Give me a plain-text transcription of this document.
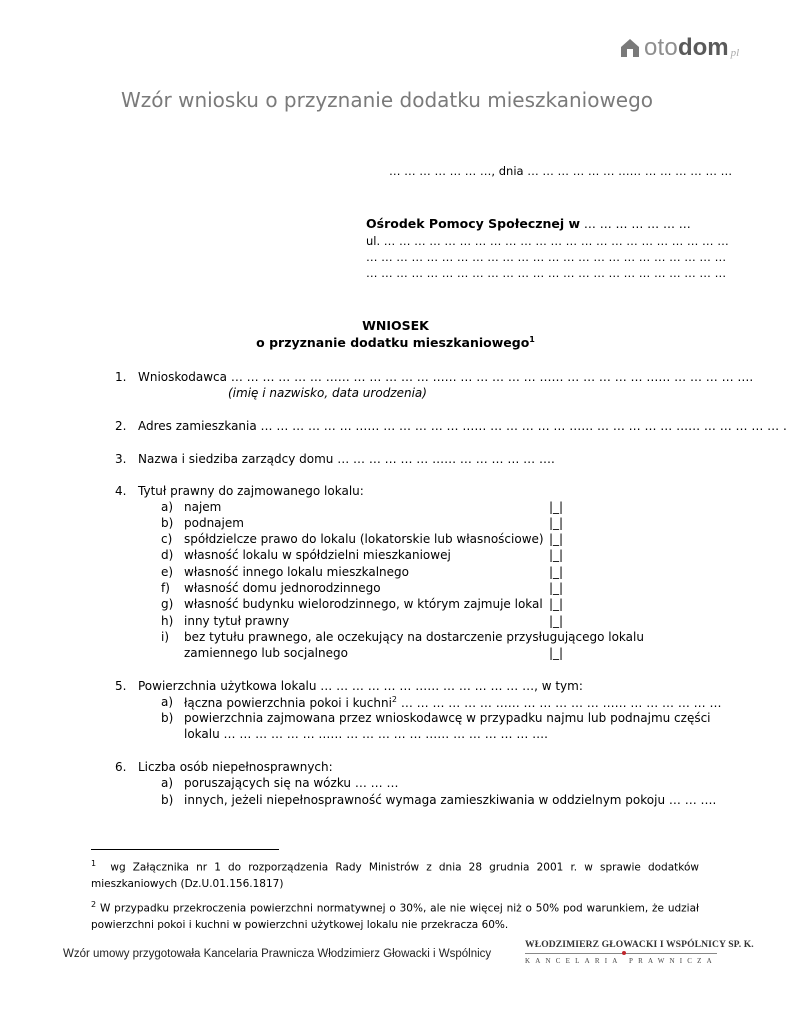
oto dom pl
Wzór wniosku o przyznanie dodatku mieszkaniowego
… … … … … … …, dnia … … … … … … …… … … … … … …
Ośrodek Pomocy Społecznej w … … … … … … …
ul. … … … … … … … … … … … … … … … … … … … … … … …
… … … … … … … … … … … … … … … … … … … … … … … …
… … … … … … … … … … … … … … … … … … … … … … … …
WNIOSEK
o przyznanie dodatku mieszkaniowego$^1$
1. Wnioskodawca … … … … … … …… … … … … … …… … … … … … …… … … … … … …… … … … … ….
(imię i nazwisko, data urodzenia)
2. Adres zamieszkania … … … … … … …… … … … … … …… … … … … … …… … … … … … …… … … … … … .
3. Nazwa i siedziba zarządcy domu … … … … … … …… … … … … … ….
4. Tytuł prawny do zajmowanego lokalu:
a) najem	|_|
b) podnajem	|_|
c) spółdzielcze prawo do lokalu (lokatorskie lub własnościowe) |_|
d) własność lokalu w spółdzielni mieszkaniowej	|_|
e) własność innego lokalu mieszkalnego	|_|
f) własność domu jednorodzinnego	|_|
g) własność budynku wielorodzinnego, w którym zajmuje lokal |_|
h) inny tytuł prawny	|_|
i) bez tytułu prawnego, ale oczekujący na dostarczenie przysługującego lokalu
zamiennego lub socjalnego	|_|
5. Powierzchnia użytkowa lokalu … … … … … … …… … … … … … …, w tym:
a) łączna powierzchnia pokoi i kuchni$^2$ … … … … … … …… … … … … … …… … … … … … …
b) powierzchnia zajmowana przez wnioskodawcę w przypadku najmu lub podnajmu części
lokalu … … … … … … …… … … … … … …… … … … … … ….
6. Liczba osób niepełnosprawnych:
a) poruszających się na wózku … … …
b) innych, jeżeli niepełnosprawność wymaga zamieszkiwania w oddzielnym pokoju … … ….
$^1$ wg Załącznika nr 1 do rozporządzenia Rady Ministrów z dnia 28 grudnia 2001 r. w sprawie dodatków mieszkaniowych (Dz.U.01.156.1817)
$^2$ W przypadku przekroczenia powierzchni normatywnej o 30%, ale nie więcej niż o 50% pod warunkiem, że udział powierzchni pokoi i kuchni w powierzchni użytkowej lokalu nie przekracza 60%.
Wzór umowy przygotowała Kancelaria Prawnicza Włodzimierz Głowacki i Wspólnicy
WŁODZIMIERZ GŁOWACKI I WSPÓLNICY SP. K.
KANCELARIA PRAWNICZA
